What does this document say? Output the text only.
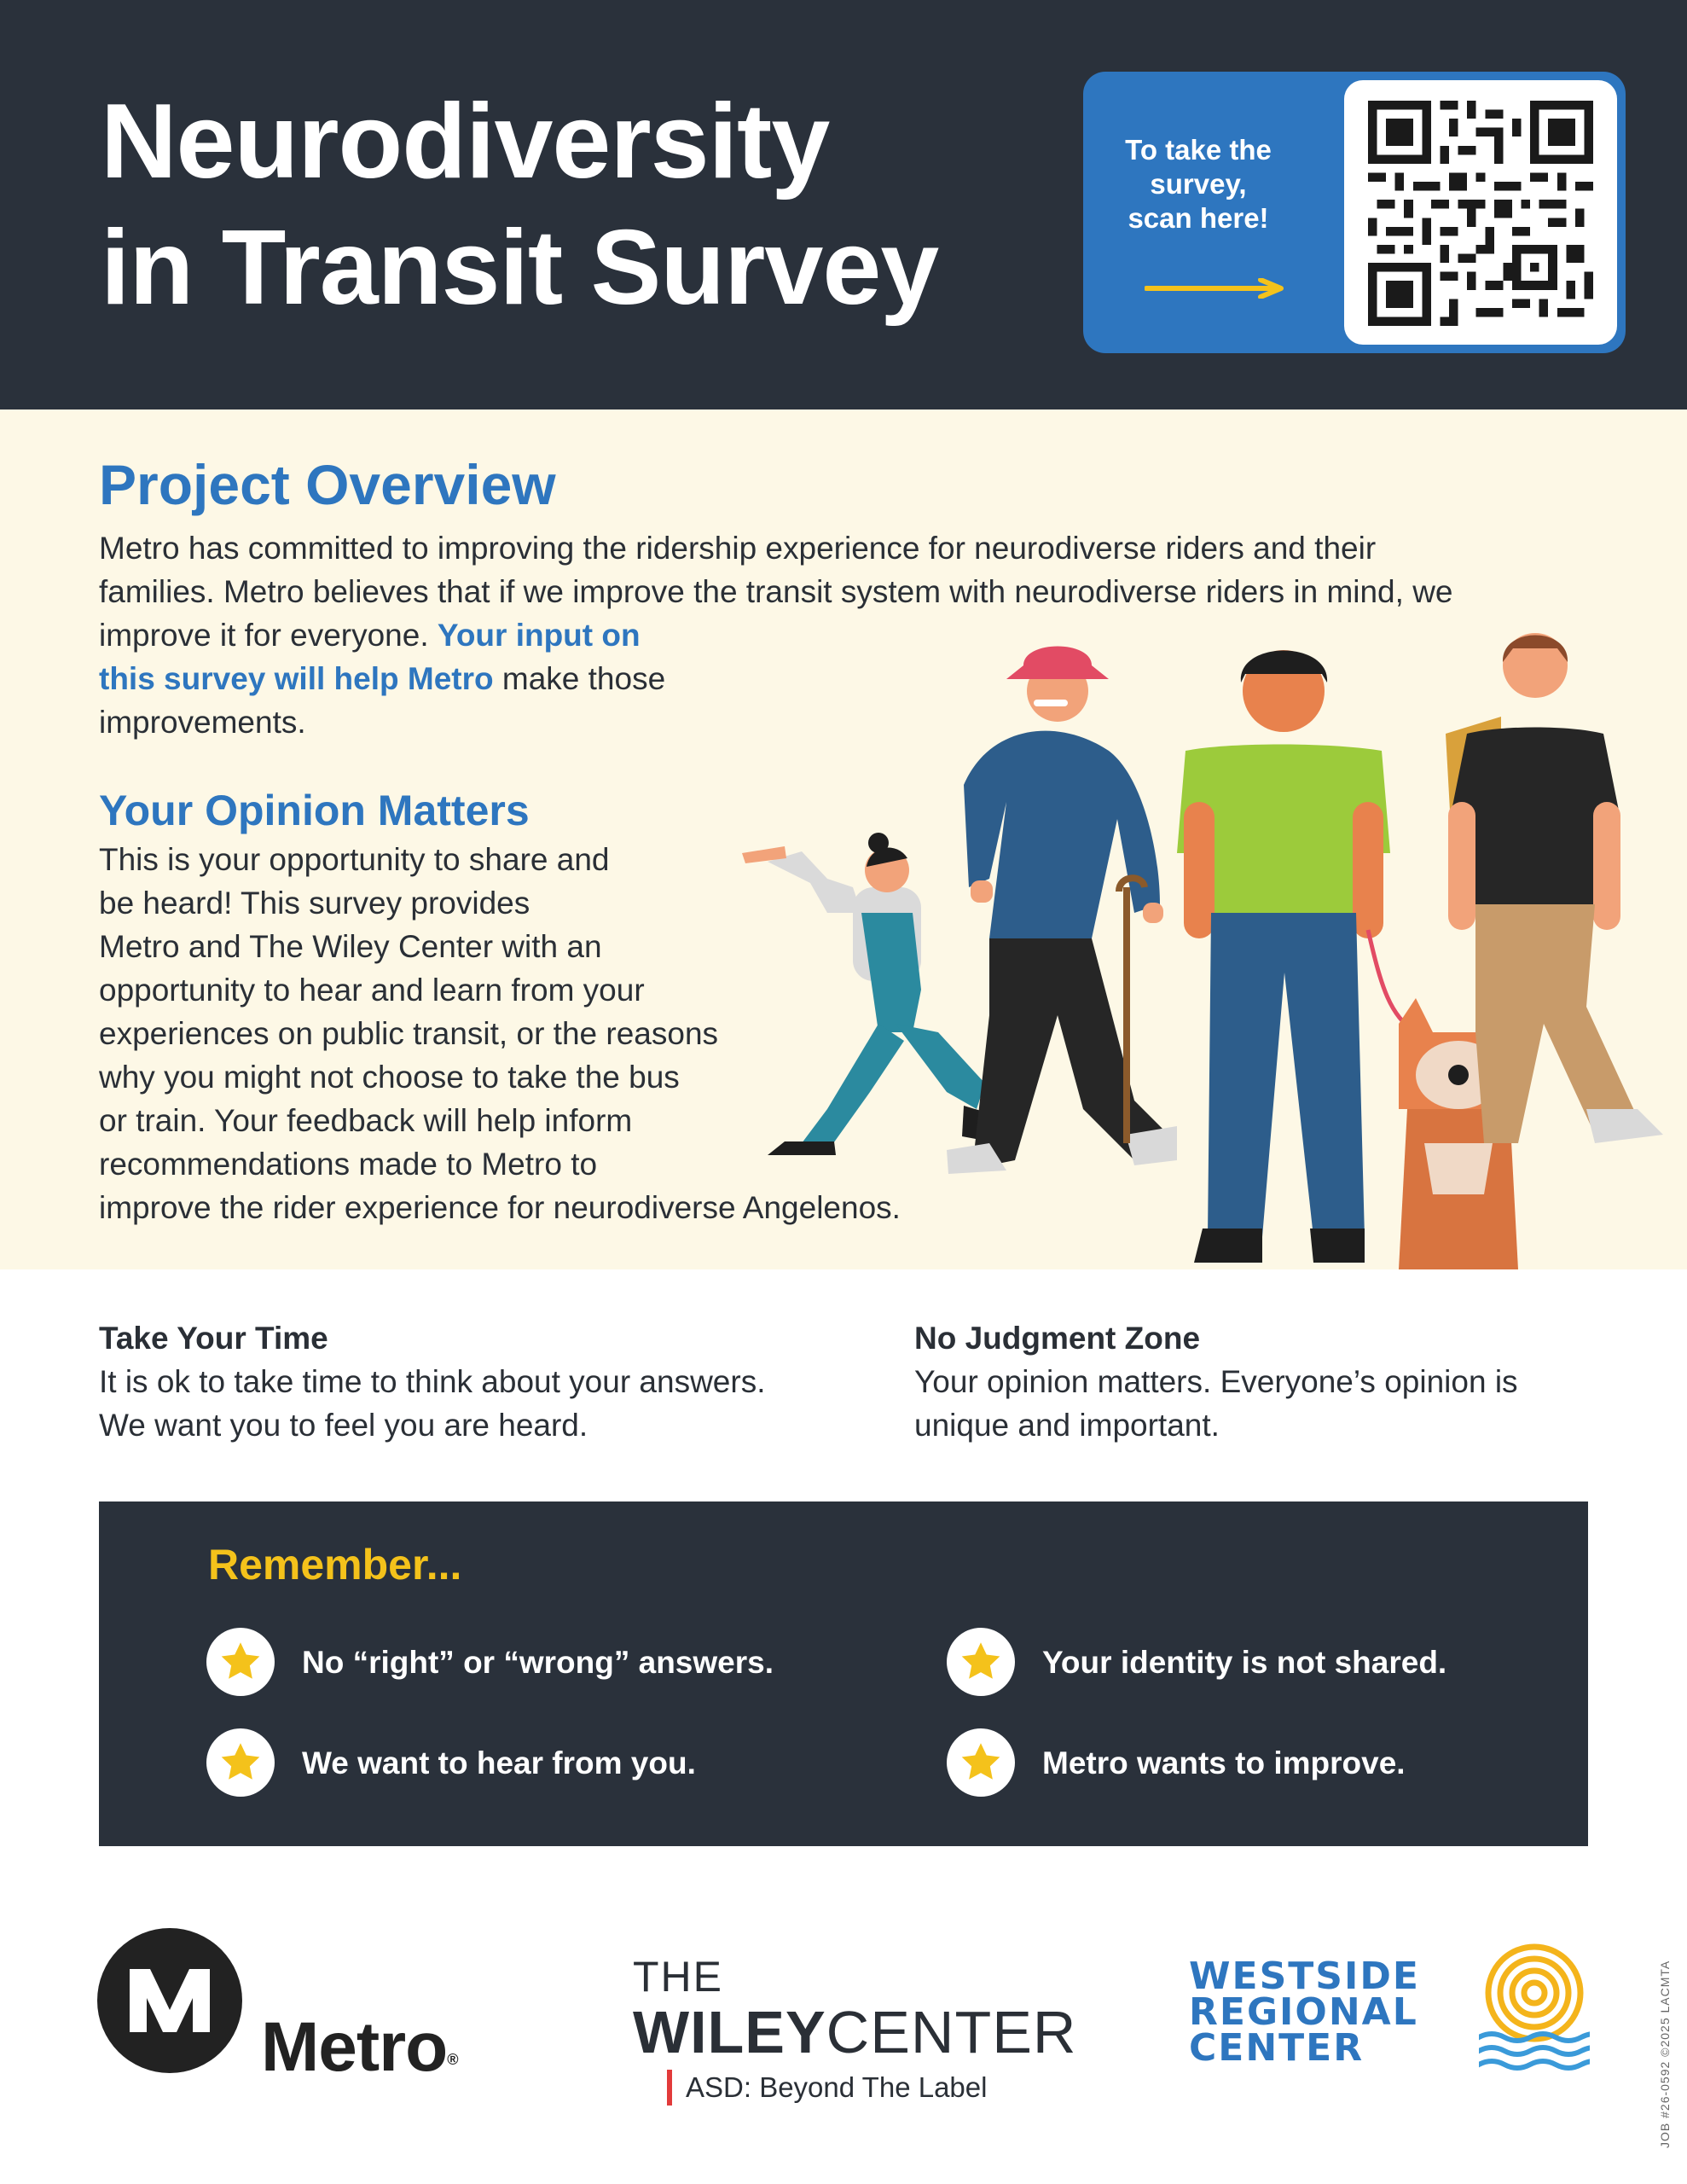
Neurodiversity
in Transit Survey
To take the survey, scan here!
Project Overview
Metro has committed to improving the ridership experience for neurodiverse riders and their
families. Metro believes that if we improve the transit system with neurodiverse riders in mind, we
improve it for everyone. Your input on
this survey will help Metro make those
improvements.
Your Opinion Matters
This is your opportunity to share and
be heard! This survey provides
Metro and The Wiley Center with an
opportunity to hear and learn from your
experiences on public transit, or the reasons
why you might not choose to take the bus
or train. Your feedback will help inform
recommendations made to Metro to
improve the rider experience for neurodiverse Angelenos.
Take Your Time
It is ok to take time to think about your answers.
We want you to feel you are heard.
No Judgment Zone
Your opinion matters. Everyone’s opinion is
unique and important.
Remember...
No “right” or “wrong” answers.
We want to hear from you.
Your identity is not shared.
Metro wants to improve.
Metro®
THE
WILEYCENTER
ASD: Beyond The Label
WESTSIDE
REGIONAL
CENTER	JOB #26-0592 ©2025 LACMTA
